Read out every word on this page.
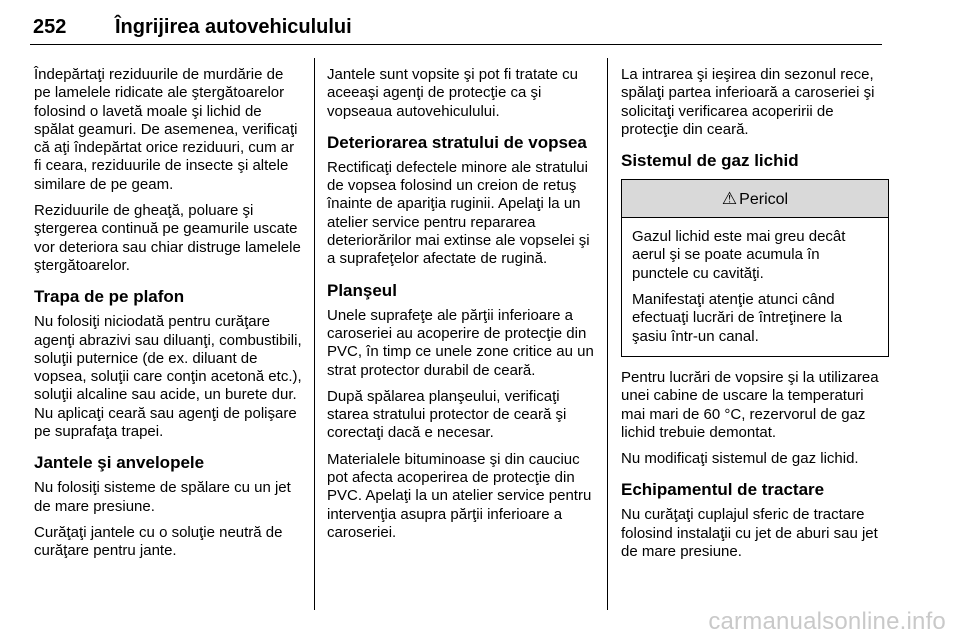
252 Îngrijirea autovehiculului

Îndepărtaţi reziduurile de murdărie de pe lamelele ridicate ale ştergătoarelor folosind o lavetă moale şi lichid de spălat geamuri. De asemenea, verificaţi că aţi îndepărtat orice reziduuri, cum ar fi ceara, reziduurile de insecte şi altele similare de pe geam.

Reziduurile de gheaţă, poluare şi ştergerea continuă pe geamurile uscate vor deteriora sau chiar distruge lamelele ştergătoarelor.

Trapa de pe plafon

Nu folosiţi niciodată pentru curăţare agenţi abrazivi sau diluanţi, combustibili, soluţii puternice (de ex. diluant de vopsea, soluţii care conţin acetonă etc.), soluţii alcaline sau acide, un burete dur. Nu aplicaţi ceară sau agenţi de polişare pe suprafaţa trapei.

Jantele şi anvelopele

Nu folosiţi sisteme de spălare cu un jet de mare presiune.

Curăţaţi jantele cu o soluţie neutră de curăţare pentru jante.

Jantele sunt vopsite şi pot fi tratate cu aceeaşi agenţi de protecţie ca şi vopseaua autovehiculului.

Deteriorarea stratului de vopsea

Rectificaţi defectele minore ale stratului de vopsea folosind un creion de retuş înainte de apariţia ruginii. Apelaţi la un atelier service pentru repararea deteriorărilor mai extinse ale vopselei şi a suprafeţelor afectate de rugină.

Planşeul

Unele suprafeţe ale părţii inferioare a caroseriei au acoperire de protecţie din PVC, în timp ce unele zone critice au un strat protector durabil de ceară.

După spălarea planşeului, verificaţi starea stratului protector de ceară şi corectaţi dacă e necesar.

Materialele bituminoase şi din cauciuc pot afecta acoperirea de protecţie din PVC. Apelaţi la un atelier service pentru intervenţia asupra părţii inferioare a caroseriei.

La intrarea şi ieşirea din sezonul rece, spălaţi partea inferioară a caroseriei şi solicitaţi verificarea acoperirii de protecţie din ceară.

Sistemul de gaz lichid
⚠ Pericol

Gazul lichid este mai greu decât aerul şi se poate acumula în punctele cu cavităţi.

Manifestaţi atenţie atunci când efectuaţi lucrări de întreţinere la şasiu într-un canal.

Pentru lucrări de vopsire şi la utilizarea unei cabine de uscare la temperaturi mai mari de 60 °C, rezervorul de gaz lichid trebuie demontat.

Nu modificaţi sistemul de gaz lichid.

Echipamentul de tractare

Nu curăţaţi cuplajul sferic de tractare folosind instalaţii cu jet de aburi sau jet de mare presiune.

carmanualsonline.info
